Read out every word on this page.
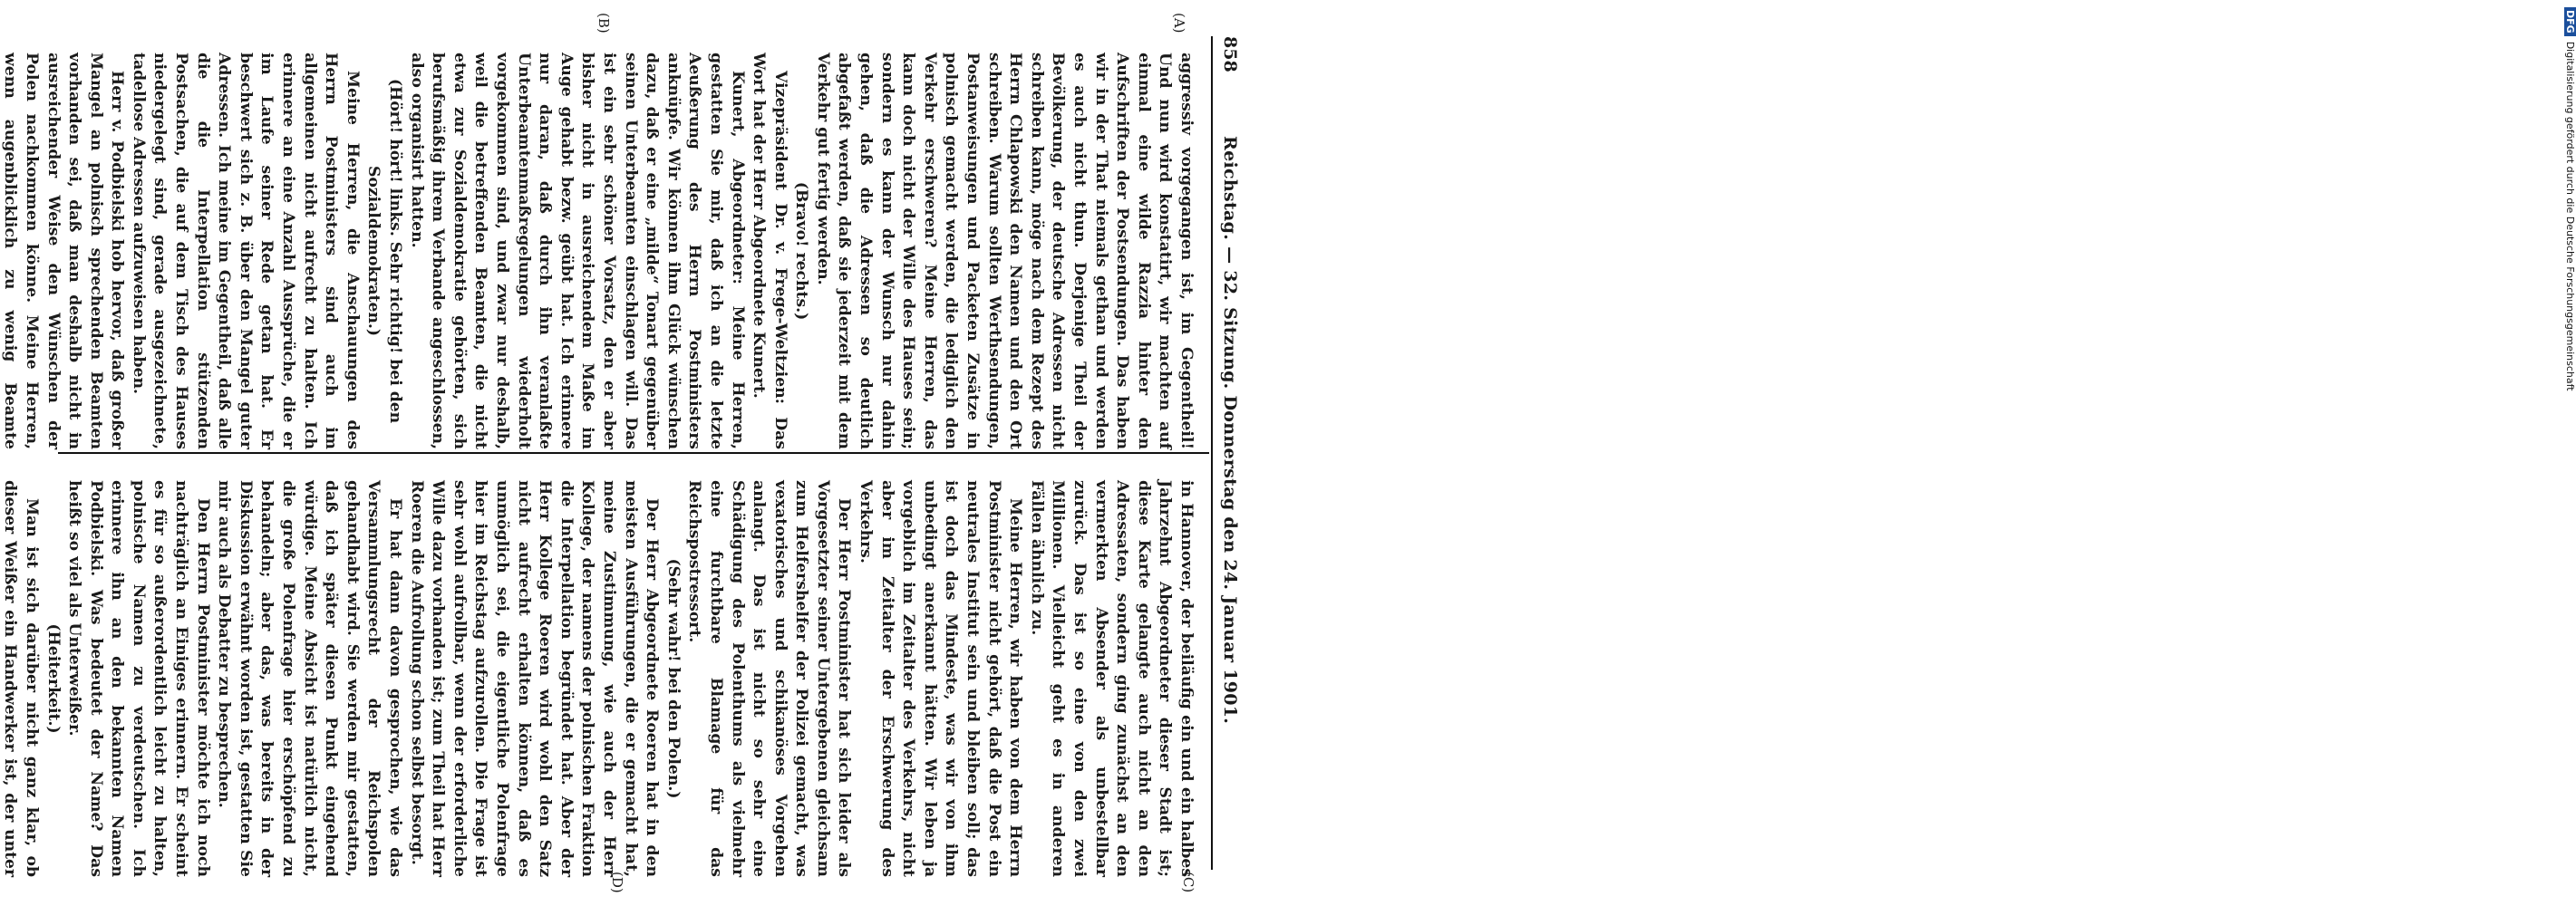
858
Reichstag. — 32. Sitzung. Donnerstag den 24. Januar 1901.
(A)
(B)
(C)
(D)

aggressiv vorgegangen ist, im Gegentheil! Und nun wird konstatirt, wir machten auf einmal eine wilde Razzia hinter den Aufschriften der Postsendungen. Das haben wir in der That niemals gethan und werden es auch nicht thun. Derjenige Theil der Bevölkerung, der deutsche Adressen nicht schreiben kann, möge nach dem Rezept des Herrn Chlapowski den Namen und den Ort schreiben. Warum sollten Werthsendungen, Postanweisungen und Packeten Zusätze in polnisch gemacht werden, die lediglich den Verkehr erschweren? Meine Herren, das kann doch nicht der Wille des Hauses sein; sondern es kann der Wunsch nur dahin gehen, daß die Adressen so deutlich abgefaßt werden, daß sie jederzeit mit dem Verkehr gut fertig werden.

(Bravo! rechts.)

Vizepräsident Dr. v. Frege-Weltzien: Das Wort hat der Herr Abgeordnete Kunert.

Kunert, Abgeordneter: Meine Herren, gestatten Sie mir, daß ich an die letzte Aeußerung des Herrn Postministers anknüpfe. Wir können ihm Glück wünschen dazu, daß er eine „milde“ Tonart gegenüber seinen Unterbeamten einschlagen will. Das ist ein sehr schöner Vorsatz, den er aber bisher nicht in ausreichendem Maße im Auge gehabt bezw. geübt hat. Ich erinnere nur daran, daß durch ihn veranlaßte Unterbeamtenmaßregelungen wiederholt vorgekommen sind, und zwar nur deshalb, weil die betreffenden Beamten, die nicht etwa zur Sozialdemokratie gehörten, sich berufsmäßig ihrem Verbande angeschlossen, also organisirt hatten.

(Hört! hört! links. Sehr richtig! bei den Sozialdemokraten.)

Meine Herren, die Anschauungen des Herrn Postministers sind auch im allgemeinen nicht aufrecht zu halten. Ich erinnere an eine Anzahl Aussprüche, die er im Laufe seiner Rede getan hat. Er beschwert sich z. B. über den Mangel guter Adressen. Ich meine im Gegentheil, daß alle die die Interpellation stützenden Postsachen, die auf dem Tisch des Hauses niedergelegt sind, gerade ausgezeichnete, tadellose Adressen aufzuweisen haben.

Herr v. Podbielski hob hervor, daß großer Mangel an polnisch sprechenden Beamten vorhanden sei, daß man deshalb nicht in ausreichender Weise den Wünschen der Polen nachkommen könne. Meine Herren, wenn augenblicklich zu wenig Beamte

in Hannover, der beiläufig ein und ein halbes Jahrzehnt Abgeordneter dieser Stadt ist; diese Karte gelangte auch nicht an den Adressaten, sondern ging zunächst an den vermerkten Absender als unbestellbar zurück. Das ist so eine von den zwei Millionen. Vielleicht geht es in anderen Fällen ähnlich zu.

Meine Herren, wir haben von dem Herrn Postminister nicht gehört, daß die Post ein neutrales Institut sein und bleiben soll; das ist doch das Mindeste, was wir von ihm unbedingt anerkannt hätten. Wir leben ja vorgeblich im Zeitalter des Verkehrs, nicht aber im Zeitalter der Erschwerung des Verkehrs.

Der Herr Postminister hat sich leider als Vorgesetzter seiner Untergebenen gleichsam zum Helfershelfer der Polizei gemacht, was vexatorisches und schikanöses Vorgehen anlangt. Das ist nicht so sehr eine Schädigung des Polenthums als vielmehr eine furchtbare Blamage für das Reichspostressort.

(Sehr wahr! bei den Polen.)

Der Herr Abgeordnete Roeren hat in den meisten Ausführungen, die er gemacht hat, meine Zustimmung, wie auch der Herr Kollege, der namens der polnischen Fraktion die Interpellation begründet hat. Aber der Herr Kollege Roeren wird wohl den Satz nicht aufrecht erhalten können, daß es unmöglich sei, die eigentliche Polenfrage hier im Reichstag aufzurollen. Die Frage ist sehr wohl aufrollbar, wenn der erforderliche Wille dazu vorhanden ist; zum Theil hat Herr Roeren die Aufrollung schon selbst besorgt.

Er hat dann davon gesprochen, wie das Versammlungsrecht der Reichspolen gehandhabt wird. Sie werden mir gestatten, daß ich später diesen Punkt eingehend würdige. Meine Absicht ist natürlich nicht, die große Polenfrage hier erschöpfend zu behandeln; aber das, was bereits in der Diskussion erwähnt worden ist, gestatten Sie mir auch als Debatter zu besprechen.

Den Herrn Postminister möchte ich noch nachträglich an Einiges erinnern. Er scheint es für so außerordentlich leicht zu halten, polnische Namen zu verdeutschen. Ich erinnere ihn an den bekannten Namen Podbielski. Was bedeutet der Name? Das heißt so viel als Unterweißer.

(Heiterkeit.)

Man ist sich darüber nicht ganz klar, ob dieser Weißer ein Handwerker ist, der unter

DFGDigitalisierung gefördert durch die Deutsche Forschungsgemeinschaft
